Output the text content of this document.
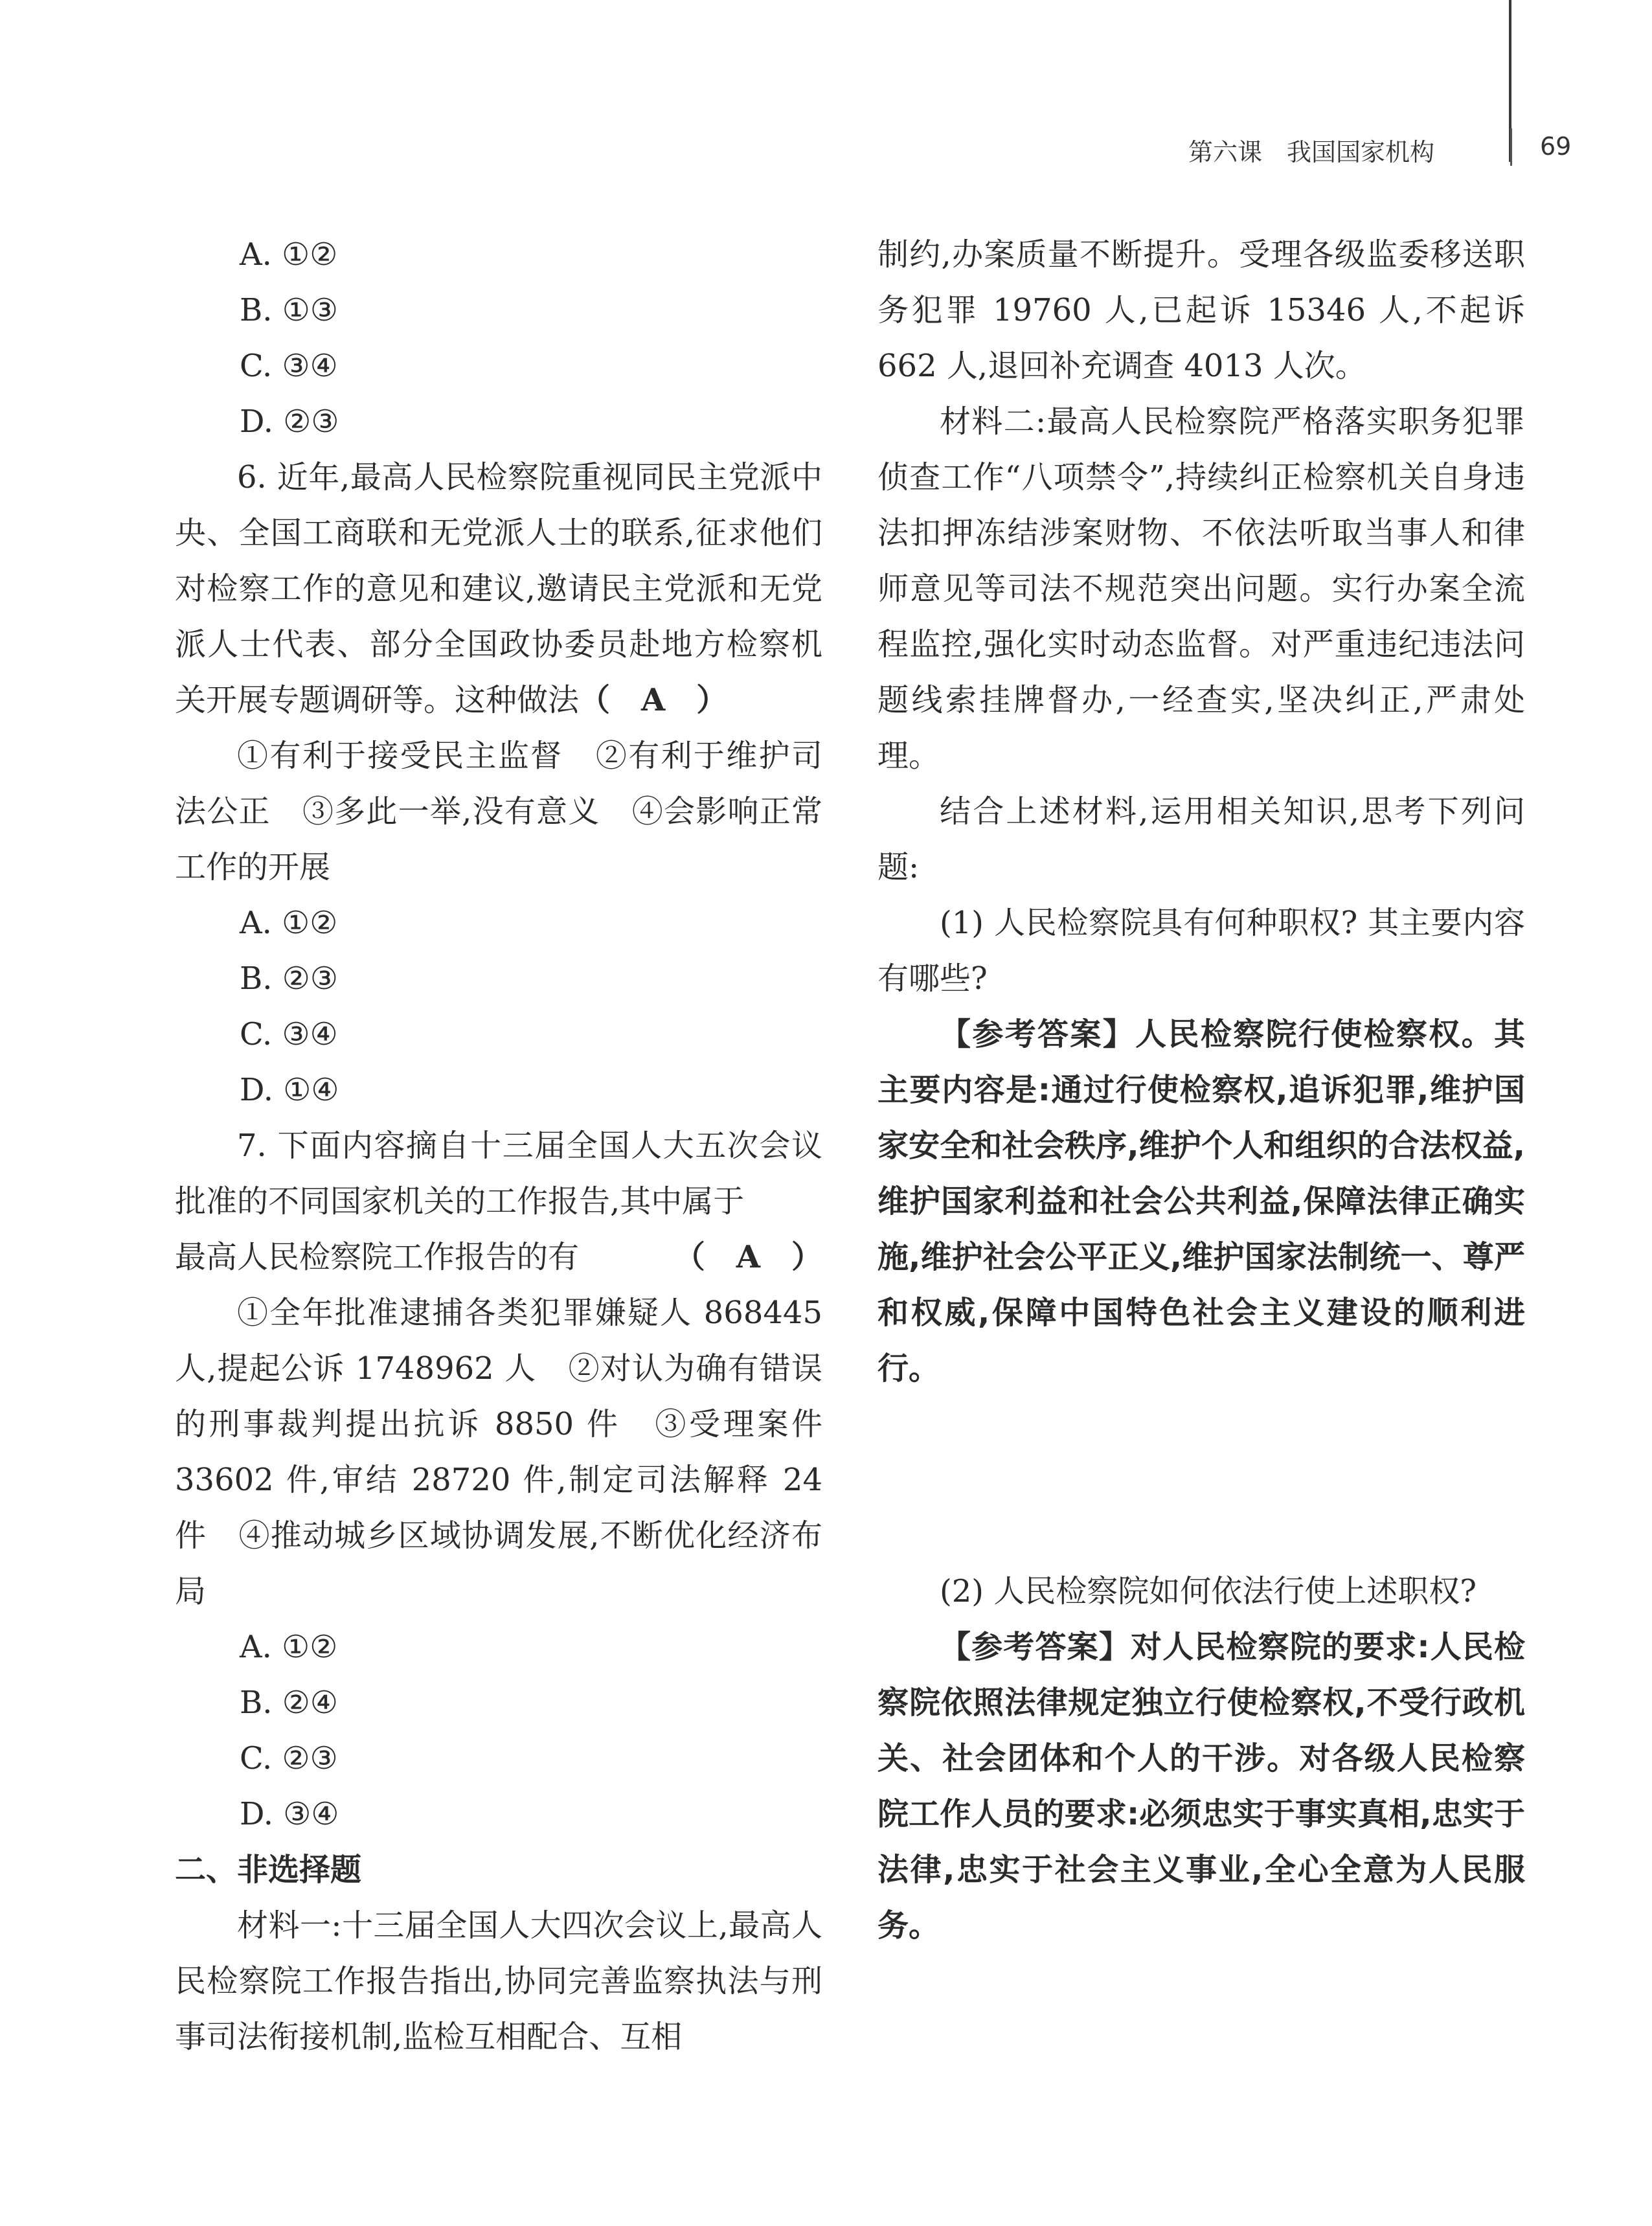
第六课　我国国家机构	69

A. ①②

B. ①③

C. ③④

D. ②③

6. 近年,最高人民检察院重视同民主党派中央、全国工商联和无党派人士的联系,征求他们对检察工作的意见和建议,邀请民主党派和无党派人士代表、部分全国政协委员赴地方检察机关开展专题调研等。这种做法（　A　）

①有利于接受民主监督　②有利于维护司法公正　③多此一举,没有意义　④会影响正常工作的开展

A. ①②

B. ②③

C. ③④

D. ①④

7. 下面内容摘自十三届全国人大五次会议批准的不同国家机关的工作报告,其中属于

最高人民检察院工作报告的有	（　A　）

①全年批准逮捕各类犯罪嫌疑人 868445 人,提起公诉 1748962 人　②对认为确有错误的刑事裁判提出抗诉 8850 件　③受理案件 33602 件,审结 28720 件,制定司法解释 24 件　④推动城乡区域协调发展,不断优化经济布局

A. ①②

B. ②④

C. ②③

D. ③④

二、非选择题

材料一:十三届全国人大四次会议上,最高人民检察院工作报告指出,协同完善监察执法与刑事司法衔接机制,监检互相配合、互相

制约,办案质量不断提升。受理各级监委移送职务犯罪 19760 人,已起诉 15346 人,不起诉 662 人,退回补充调查 4013 人次。

材料二:最高人民检察院严格落实职务犯罪侦查工作“八项禁令”,持续纠正检察机关自身违法扣押冻结涉案财物、不依法听取当事人和律师意见等司法不规范突出问题。实行办案全流程监控,强化实时动态监督。对严重违纪违法问题线索挂牌督办,一经查实,坚决纠正,严肃处理。

结合上述材料,运用相关知识,思考下列问题:

(1) 人民检察院具有何种职权? 其主要内容有哪些?

【参考答案】人民检察院行使检察权。其主要内容是:通过行使检察权,追诉犯罪,维护国家安全和社会秩序,维护个人和组织的合法权益,维护国家利益和社会公共利益,保障法律正确实施,维护社会公平正义,维护国家法制统一、尊严和权威,保障中国特色社会主义建设的顺利进行。

(2) 人民检察院如何依法行使上述职权?

【参考答案】对人民检察院的要求:人民检察院依照法律规定独立行使检察权,不受行政机关、社会团体和个人的干涉。对各级人民检察院工作人员的要求:必须忠实于事实真相,忠实于法律,忠实于社会主义事业,全心全意为人民服务。
